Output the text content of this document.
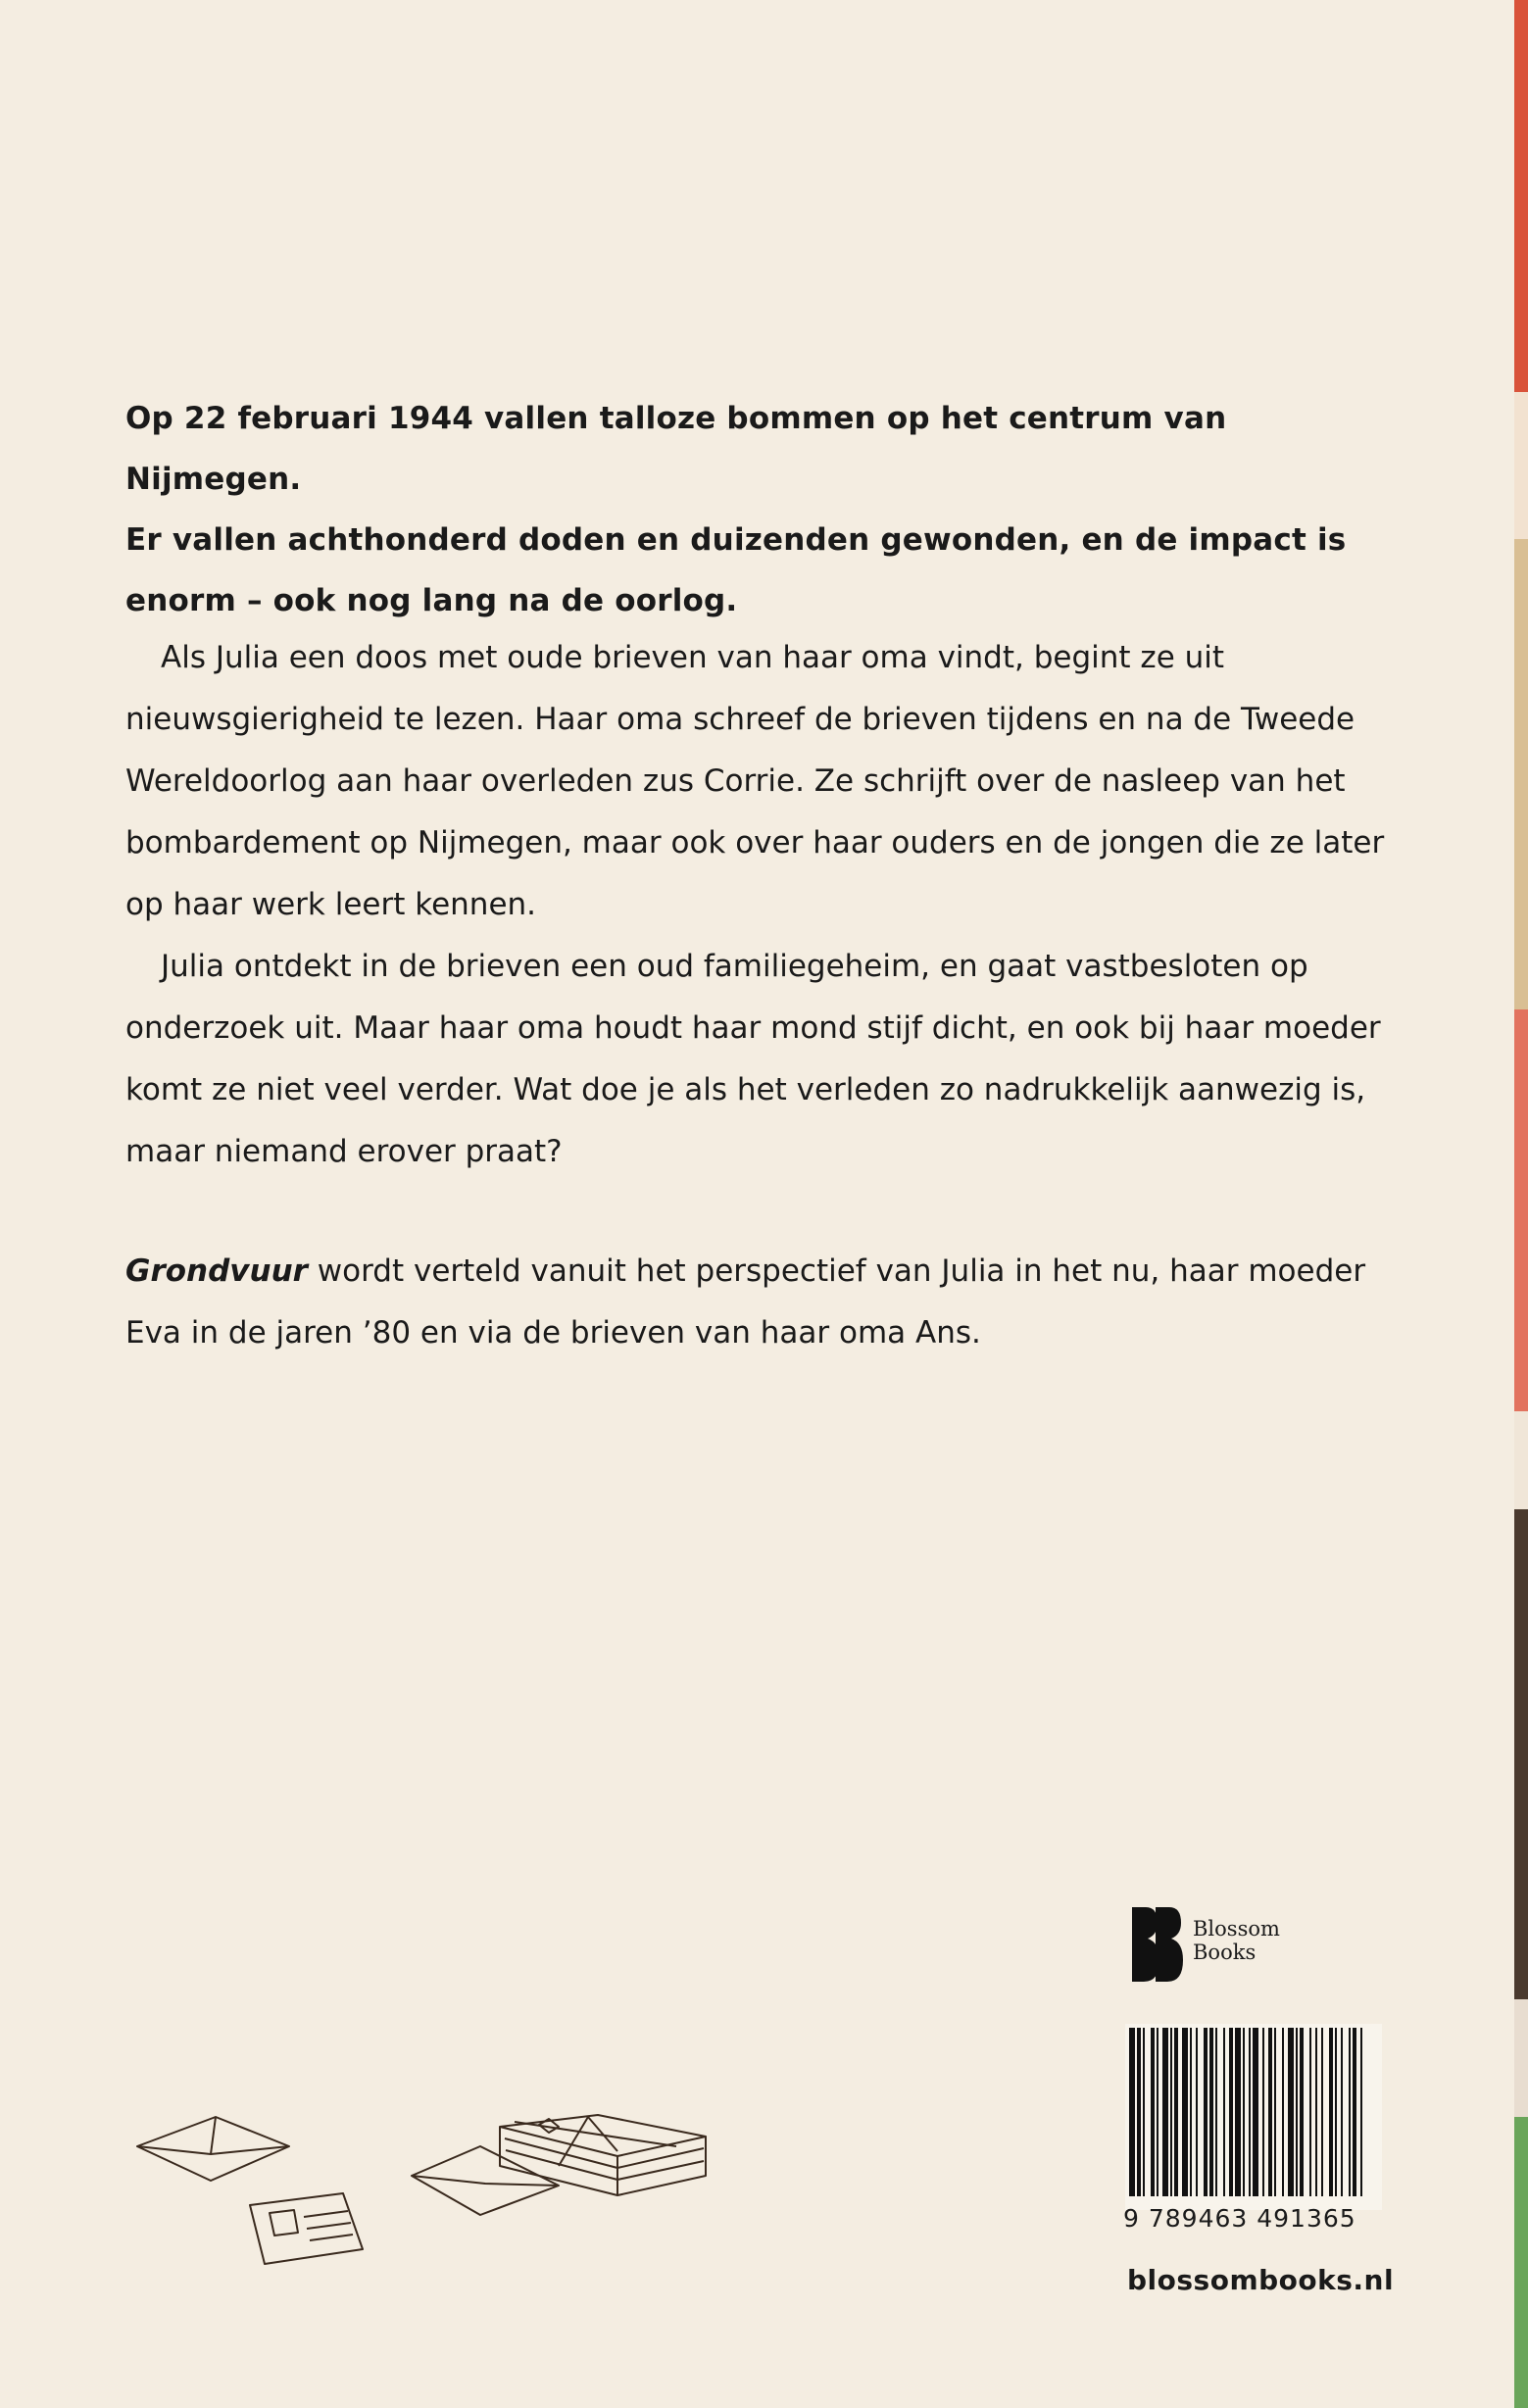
Op 22 februari 1944 vallen talloze bommen op het centrum van Nijmegen.

Er vallen achthonderd doden en duizenden gewonden, en de impact is

enorm – ook nog lang na de oorlog.

Als Julia een doos met oude brieven van haar oma vindt, begint ze uit nieuwsgierigheid te lezen. Haar oma schreef de brieven tijdens en na de Tweede Wereldoorlog aan haar overleden zus Corrie. Ze schrijft over de nasleep van het bombardement op Nijmegen, maar ook over haar ouders en de jongen die ze later op haar werk leert kennen.

Julia ontdekt in de brieven een oud familiegeheim, en gaat vastbesloten op onderzoek uit. Maar haar oma houdt haar mond stijf dicht, en ook bij haar moeder komt ze niet veel verder. Wat doe je als het verleden zo nadrukkelijk aanwezig is, maar niemand erover praat?

Grondvuur wordt verteld vanuit het perspectief van Julia in het nu, haar moeder Eva in de jaren ’80 en via de brieven van haar oma Ans.

Blossom
Books
9 789463 491365
blossombooks.nl
